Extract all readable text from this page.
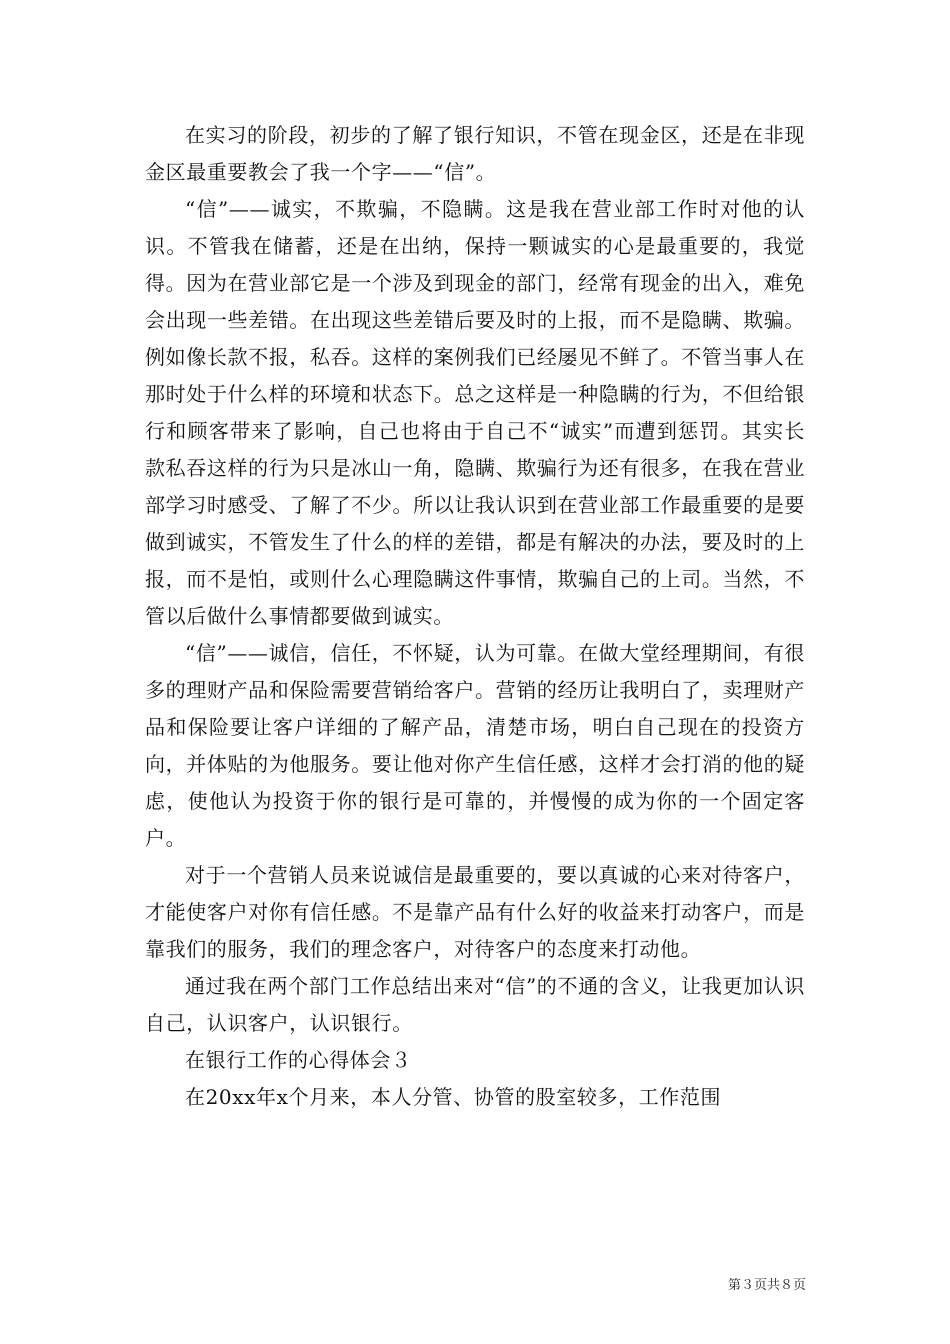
在实习的阶段，初步的了解了银行知识，不管在现金区，还是在非现金区最重要教会了我一个字——“信”。

“信”——诚实，不欺骗，不隐瞒。这是我在营业部工作时对他的认识。不管我在储蓄，还是在出纳，保持一颗诚实的心是最重要的，我觉得。因为在营业部它是一个涉及到现金的部门，经常有现金的出入，难免会出现一些差错。在出现这些差错后要及时的上报，而不是隐瞒、欺骗。例如像长款不报，私吞。这样的案例我们已经屡见不鲜了。不管当事人在那时处于什么样的环境和状态下。总之这样是一种隐瞒的行为，不但给银行和顾客带来了影响，自己也将由于自己不“诚实”而遭到惩罚。其实长款私吞这样的行为只是冰山一角，隐瞒、欺骗行为还有很多，在我在营业部学习时感受、了解了不少。所以让我认识到在营业部工作最重要的是要做到诚实，不管发生了什么的样的差错，都是有解决的办法，要及时的上报，而不是怕，或则什么心理隐瞒这件事情，欺骗自己的上司。当然，不管以后做什么事情都要做到诚实。

“信”——诚信，信任，不怀疑，认为可靠。在做大堂经理期间，有很多的理财产品和保险需要营销给客户。营销的经历让我明白了，卖理财产品和保险要让客户详细的了解产品，清楚市场，明白自己现在的投资方向，并体贴的为他服务。要让他对你产生信任感，这样才会打消的他的疑虑，使他认为投资于你的银行是可靠的，并慢慢的成为你的一个固定客户。

对于一个营销人员来说诚信是最重要的，要以真诚的心来对待客户，才能使客户对你有信任感。不是靠产品有什么好的收益来打动客户，而是靠我们的服务，我们的理念客户，对待客户的态度来打动他。

通过我在两个部门工作总结出来对“信”的不通的含义，让我更加认识自己，认识客户，认识银行。

在银行工作的心得体会３

在20xx年x个月来，本人分管、协管的股室较多，工作范围

第３页共８页
